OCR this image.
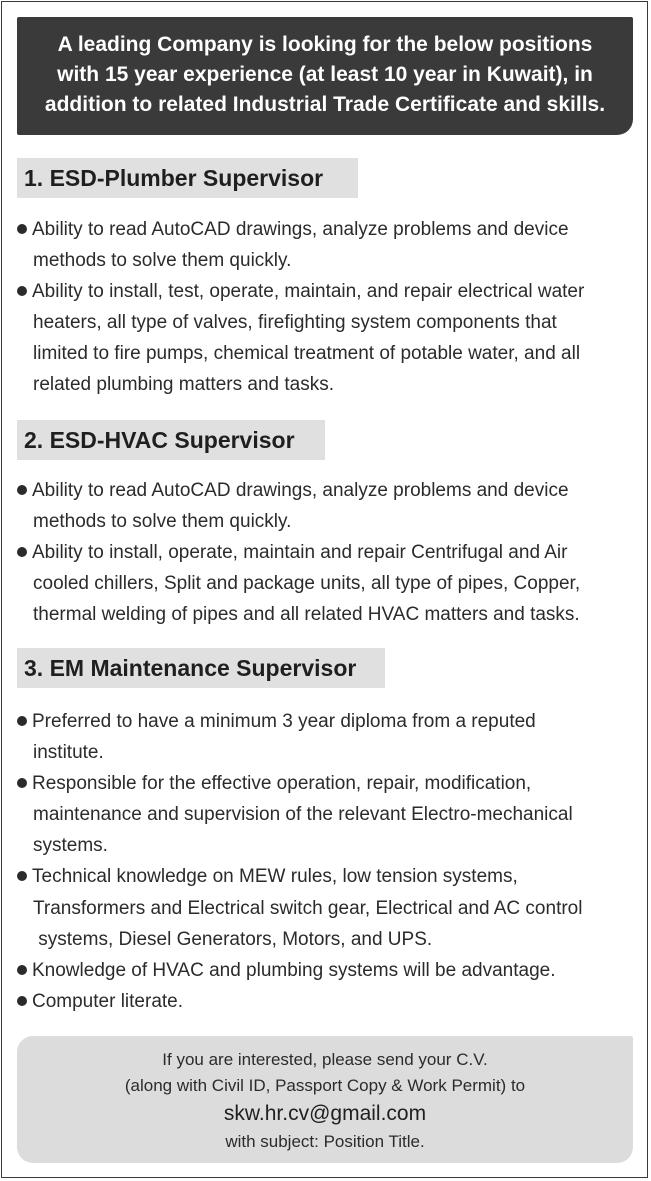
A leading Company is looking for the below positions
with 15 year experience (at least 10 year in Kuwait), in
addition to related Industrial Trade Certificate and skills.
1. ESD-Plumber Supervisor
Ability to read AutoCAD drawings, analyze problems and device
methods to solve them quickly.
Ability to install, test, operate, maintain, and repair electrical water
heaters, all type of valves, firefighting system components that
limited to fire pumps, chemical treatment of potable water, and all
related plumbing matters and tasks.
2. ESD-HVAC Supervisor
Ability to read AutoCAD drawings, analyze problems and device
methods to solve them quickly.
Ability to install, operate, maintain and repair Centrifugal and Air
cooled chillers, Split and package units, all type of pipes, Copper,
thermal welding of pipes and all related HVAC matters and tasks.
3. EM Maintenance Supervisor
Preferred to have a minimum 3 year diploma from a reputed
institute.
Responsible for the effective operation, repair, modification,
maintenance and supervision of the relevant Electro-mechanical
systems.
Technical knowledge on MEW rules, low tension systems,
Transformers and Electrical switch gear, Electrical and AC control
systems, Diesel Generators, Motors, and UPS.
Knowledge of HVAC and plumbing systems will be advantage.
Computer literate.
If you are interested, please send your C.V.
(along with Civil ID, Passport Copy & Work Permit) to
skw.hr.cv@gmail.com
with subject: Position Title.
